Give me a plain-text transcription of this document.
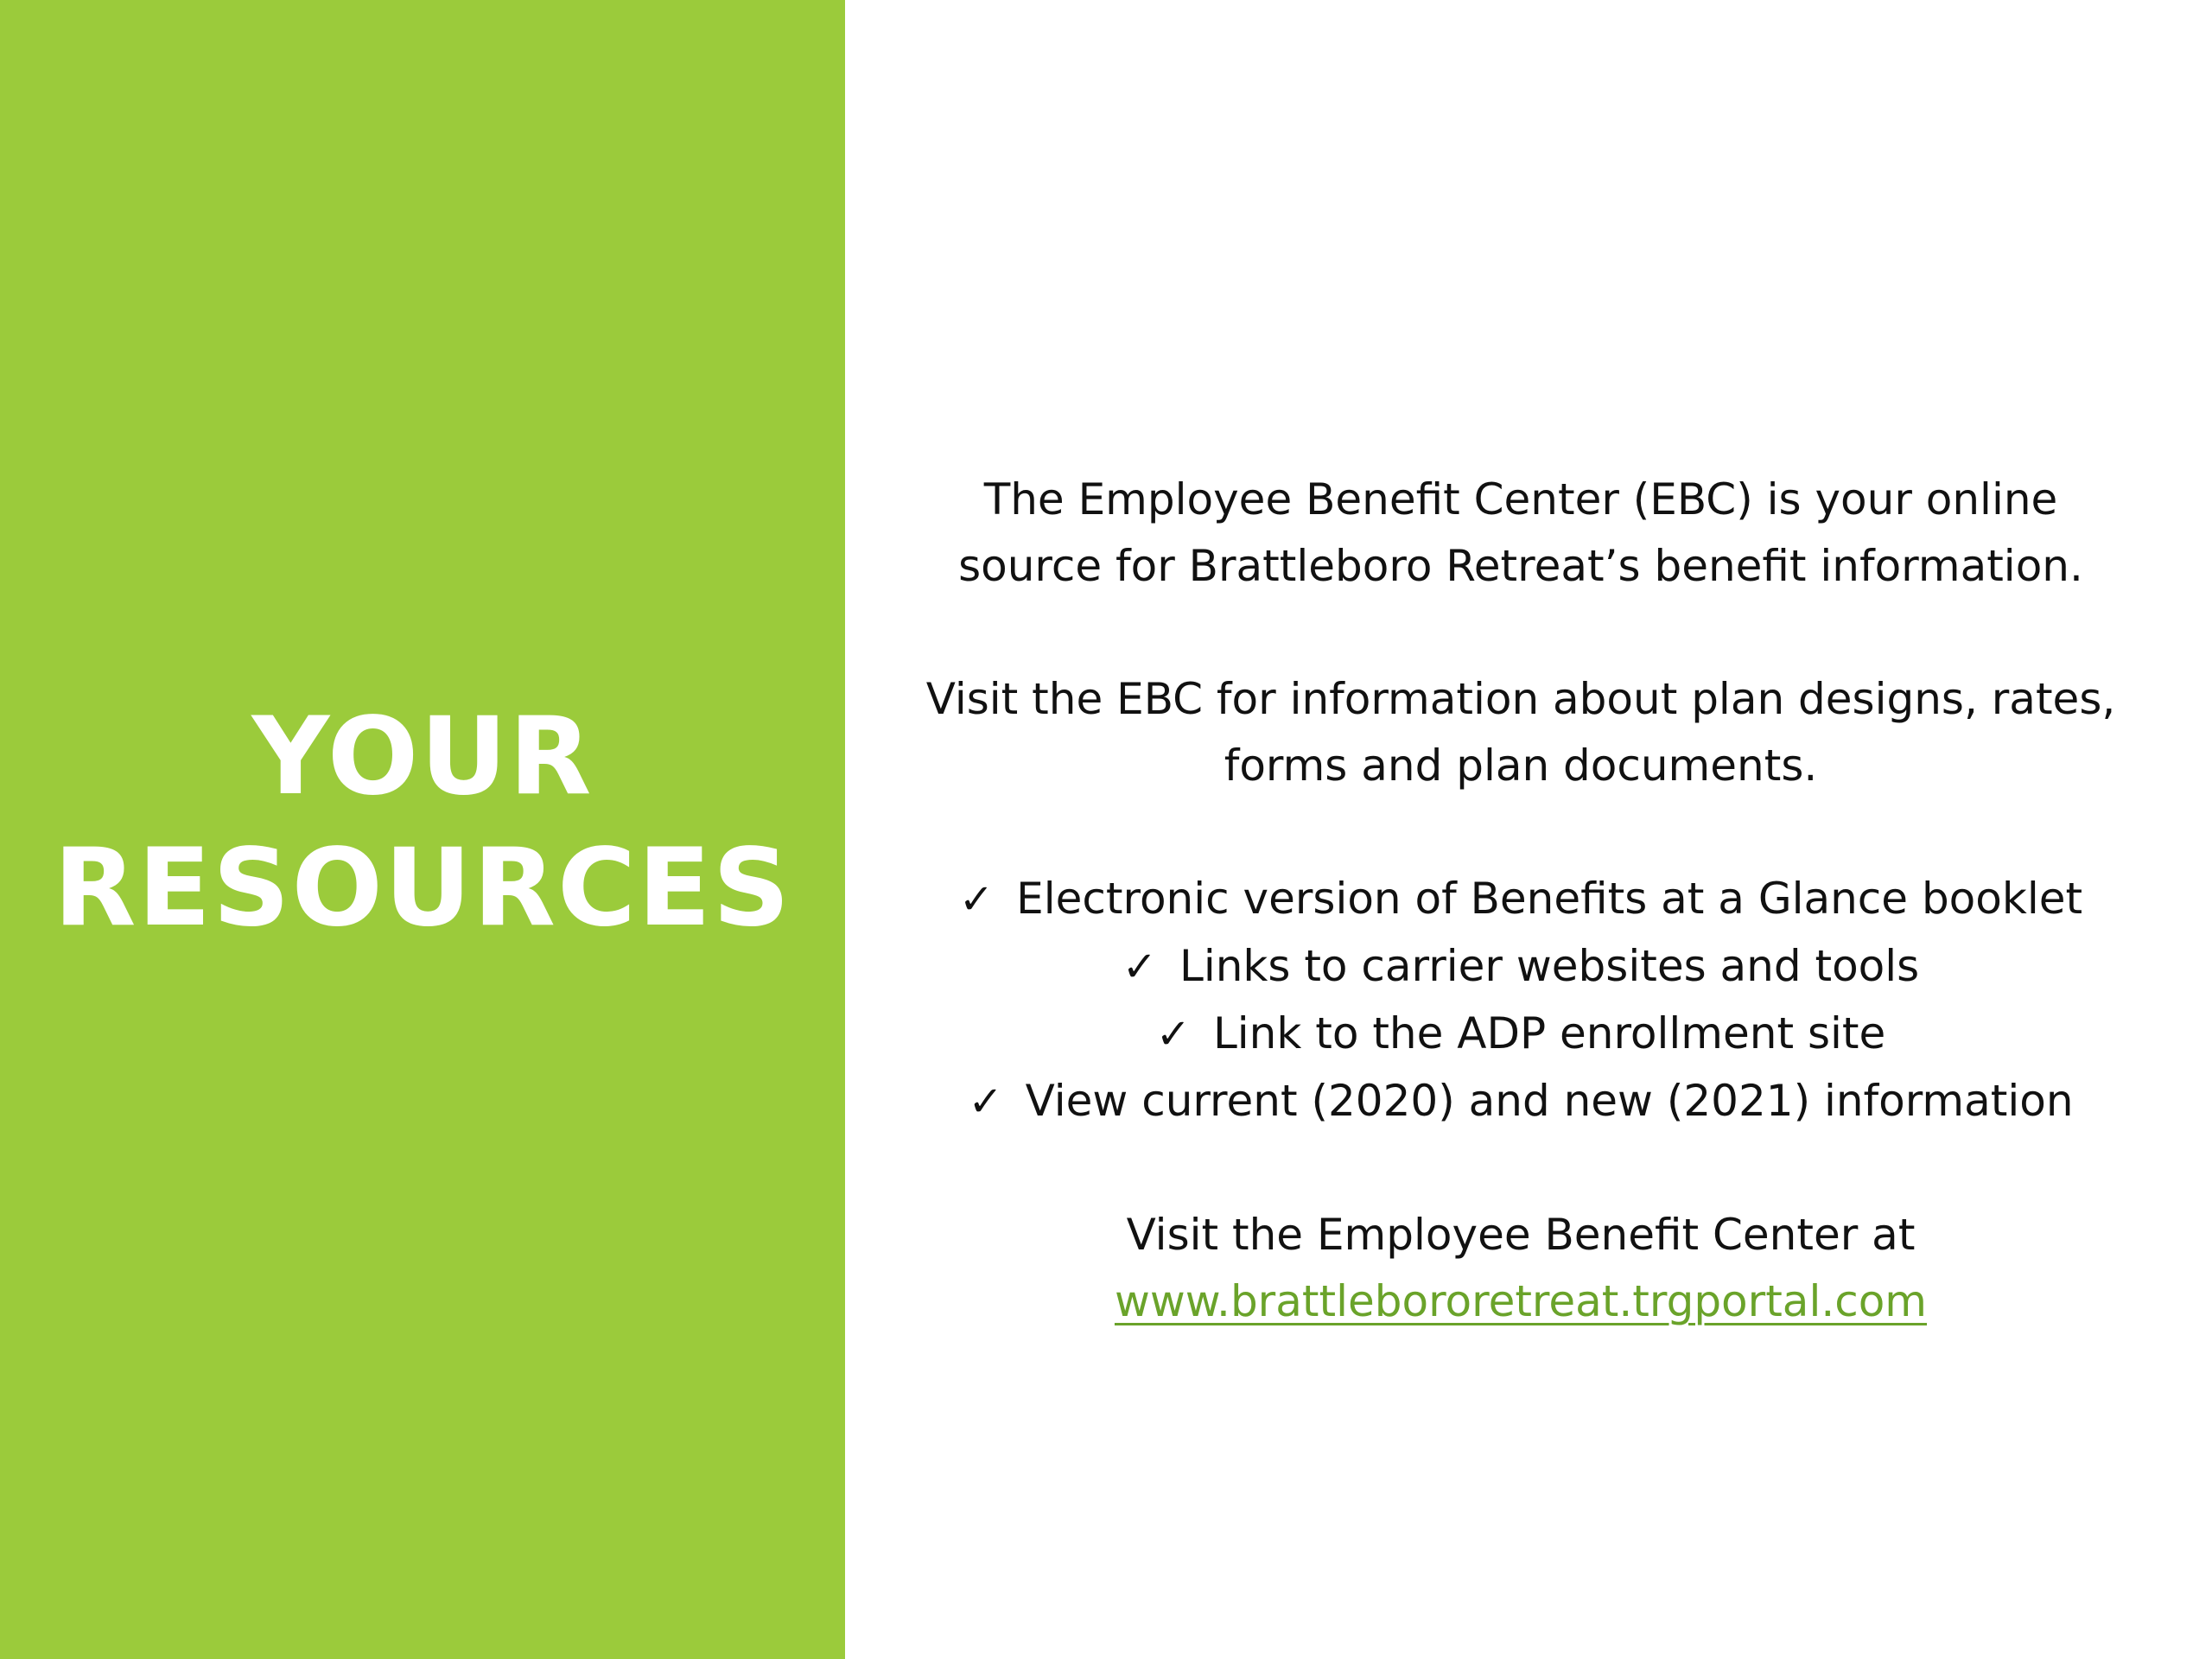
YOUR
RESOURCES

The Employee Benefit Center (EBC) is your online

source for Brattleboro Retreat’s benefit information.

Visit the EBC for information about plan designs, rates,

forms and plan documents.

✓ Electronic version of Benefits at a Glance booklet
✓ Links to carrier websites and tools
✓ Link to the ADP enrollment site
✓ View current (2020) and new (2021) information

Visit the Employee Benefit Center at

www.brattlebororetreat.trgportal.com
